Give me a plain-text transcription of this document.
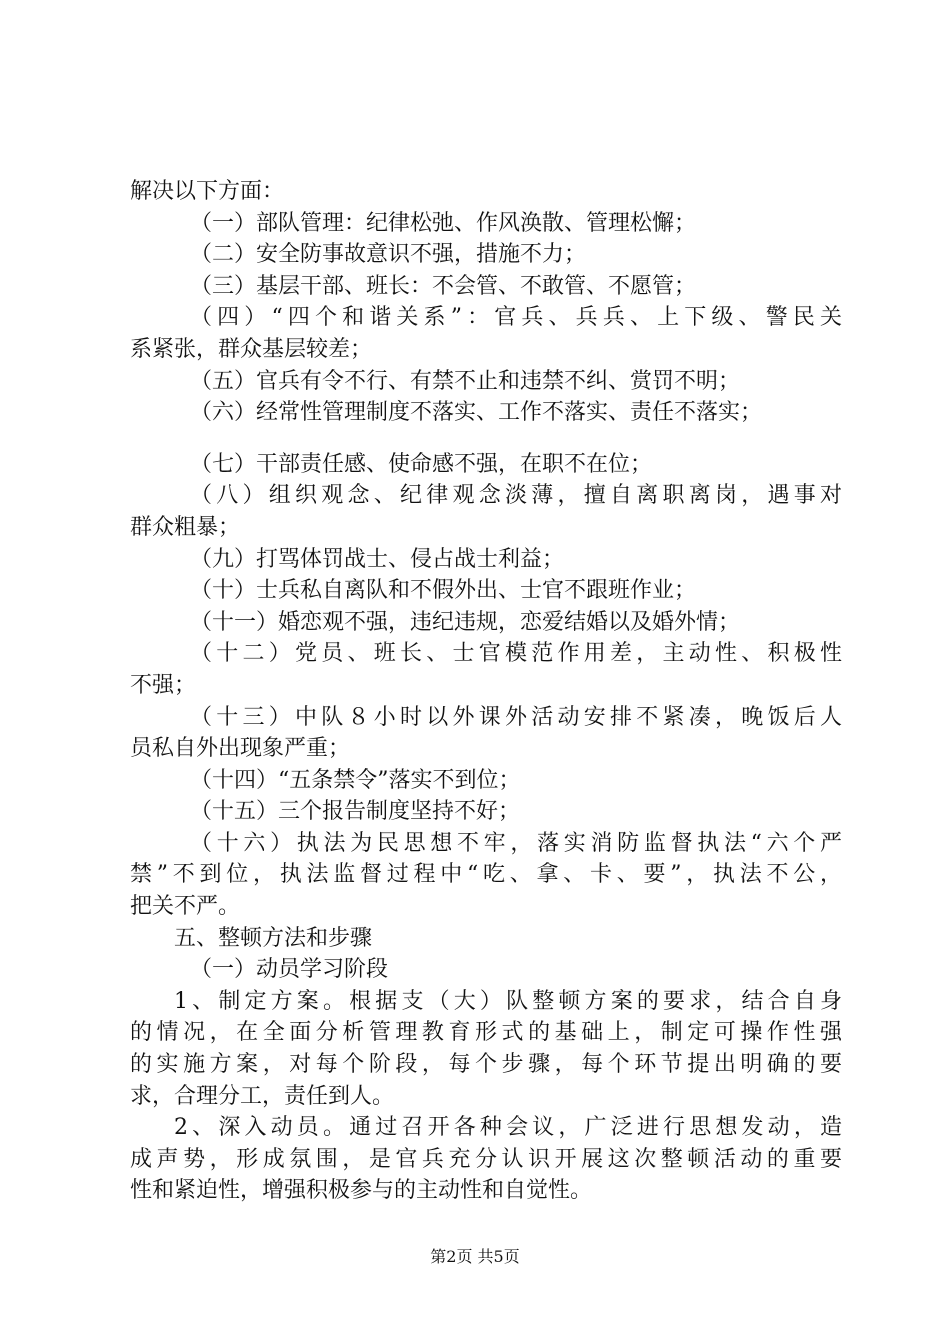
解决以下方面：
（一）部队管理：纪律松弛、作风涣散、管理松懈；
（二）安全防事故意识不强，措施不力；
（三）基层干部、班长：不会管、不敢管、不愿管；
（四）“四个和谐关系”：官兵、兵兵、上下级、警民关
系紧张，群众基层较差；
（五）官兵有令不行、有禁不止和违禁不纠、赏罚不明；
（六）经常性管理制度不落实、工作不落实、责任不落实；
（七）干部责任感、使命感不强，在职不在位；
（八）组织观念、纪律观念淡薄，擅自离职离岗，遇事对
群众粗暴；
（九）打骂体罚战士、侵占战士利益；
（十）士兵私自离队和不假外出、士官不跟班作业；
（十一）婚恋观不强，违纪违规，恋爱结婚以及婚外情；
（十二）党员、班长、士官模范作用差，主动性、积极性
不强；
（十三）中队８小时以外课外活动安排不紧凑，晚饭后人
员私自外出现象严重；
（十四）“五条禁令”落实不到位；
（十五）三个报告制度坚持不好；
（十六）执法为民思想不牢，落实消防监督执法“六个严
禁”不到位，执法监督过程中“吃、拿、卡、要”，执法不公，
把关不严。
五、整顿方法和步骤
（一）动员学习阶段
1、制定方案。根据支（大）队整顿方案的要求，结合自身
的情况，在全面分析管理教育形式的基础上，制定可操作性强
的实施方案，对每个阶段，每个步骤，每个环节提出明确的要
求，合理分工，责任到人。
2、深入动员。通过召开各种会议，广泛进行思想发动，造
成声势，形成氛围，是官兵充分认识开展这次整顿活动的重要
性和紧迫性，增强积极参与的主动性和自觉性。
第2页 共5页
